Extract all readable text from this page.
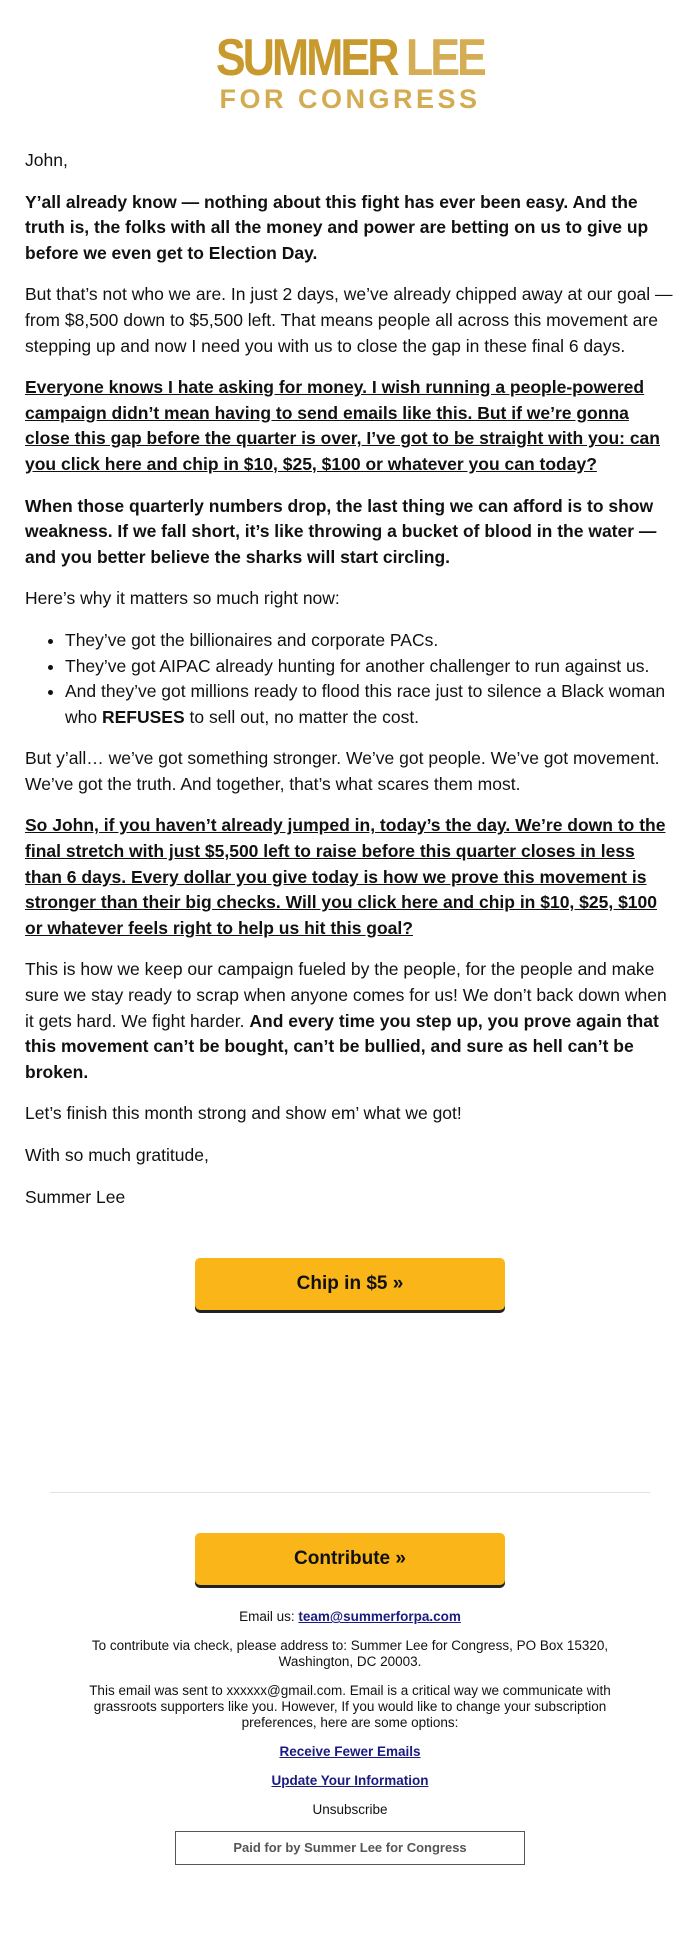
SUMMER LEE
FOR CONGRESS

John,

Y’all already know — nothing about this fight has ever been easy. And the truth is, the folks with all the money and power are betting on us to give up before we even get to Election Day.

But that’s not who we are. In just 2 days, we’ve already chipped away at our goal — from $8,500 down to $5,500 left. That means people all across this movement are stepping up and now I need you with us to close the gap in these final 6 days.

Everyone knows I hate asking for money. I wish running a people-powered campaign didn’t mean having to send emails like this. But if we’re gonna close this gap before the quarter is over, I’ve got to be straight with you: can you click here and chip in $10, $25, $100 or whatever you can today?

When those quarterly numbers drop, the last thing we can afford is to show weakness. If we fall short, it’s like throwing a bucket of blood in the water — and you better believe the sharks will start circling.

Here’s why it matters so much right now:

• They’ve got the billionaires and corporate PACs.
• They’ve got AIPAC already hunting for another challenger to run against us.
• And they’ve got millions ready to flood this race just to silence a Black woman who REFUSES to sell out, no matter the cost.

But y’all… we’ve got something stronger. We’ve got people. We’ve got movement. We’ve got the truth. And together, that’s what scares them most.

So John, if you haven’t already jumped in, today’s the day. We’re down to the final stretch with just $5,500 left to raise before this quarter closes in less than 6 days. Every dollar you give today is how we prove this movement is stronger than their big checks. Will you click here and chip in $10, $25, $100 or whatever feels right to help us hit this goal?

This is how we keep our campaign fueled by the people, for the people and make sure we stay ready to scrap when anyone comes for us! We don’t back down when it gets hard. We fight harder. And every time you step up, you prove again that this movement can’t be bought, can’t be bullied, and sure as hell can’t be broken.

Let’s finish this month strong and show em’ what we got!

With so much gratitude,

Summer Lee

Chip in $5 »
Contribute »

Email us: team@summerforpa.com

To contribute via check, please address to: Summer Lee for Congress, PO Box 15320, Washington, DC 20003.

This email was sent to xxxxxx@gmail.com. Email is a critical way we communicate with grassroots supporters like you. However, If you would like to change your subscription preferences, here are some options:

Receive Fewer Emails

Update Your Information

Unsubscribe

Paid for by Summer Lee for Congress
